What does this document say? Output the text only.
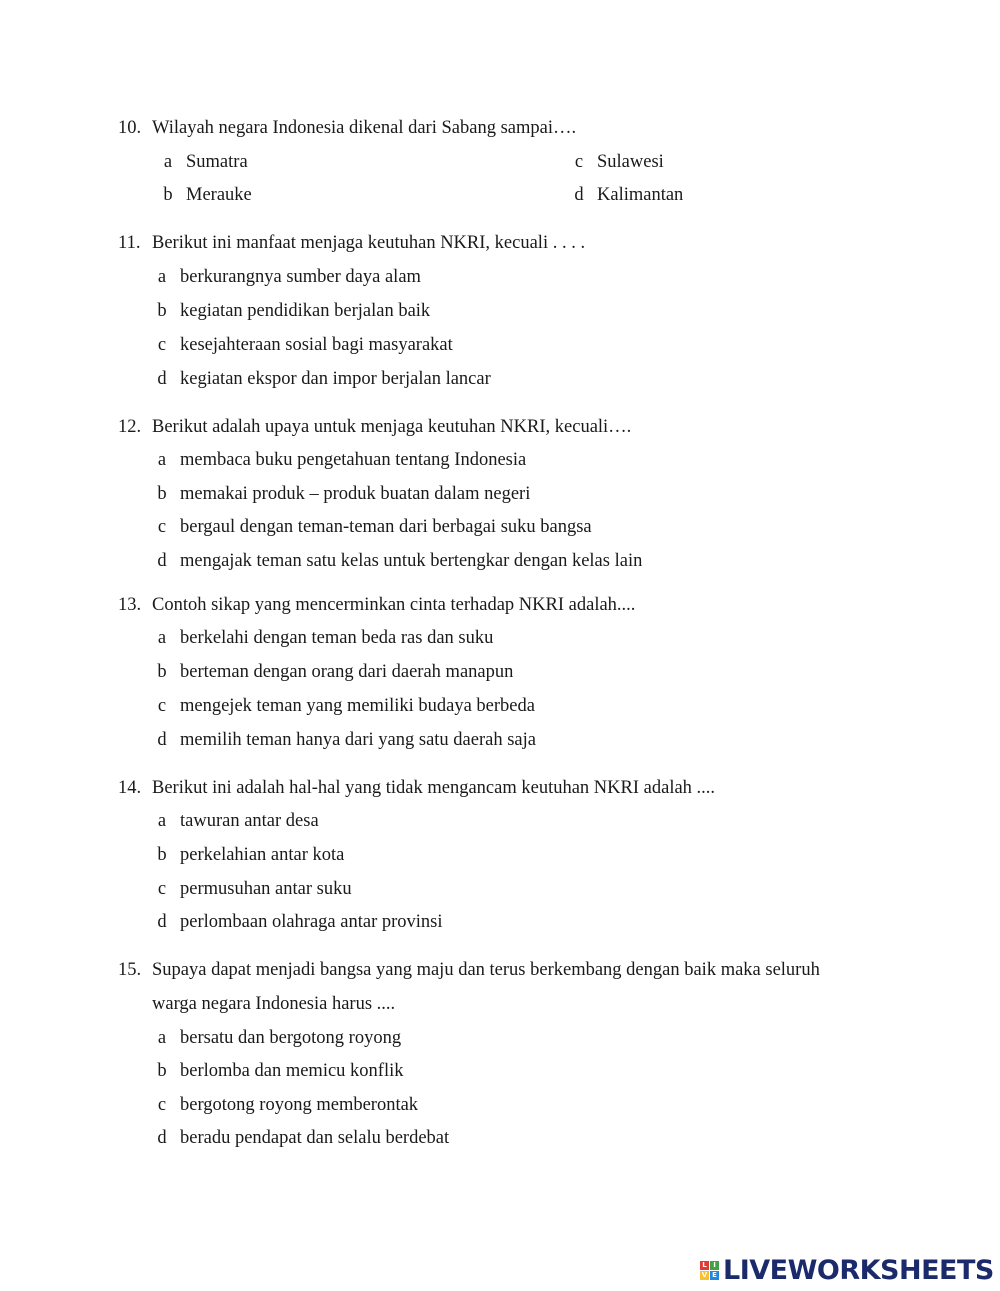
10. Wilayah negara Indonesia dikenal dari Sabang sampai….
a Sumatra
b Merauke
c Sulawesi
d Kalimantan
11. Berikut ini manfaat menjaga keutuhan NKRI, kecuali . . . .
a berkurangnya sumber daya alam
b kegiatan pendidikan berjalan baik
c kesejahteraan sosial bagi masyarakat
d kegiatan ekspor dan impor berjalan lancar
12. Berikut adalah upaya untuk menjaga keutuhan NKRI, kecuali….
a membaca buku pengetahuan tentang Indonesia
b memakai produk – produk buatan dalam negeri
c bergaul dengan teman-teman dari berbagai suku bangsa
d mengajak teman satu kelas untuk bertengkar dengan kelas lain
13. Contoh sikap yang mencerminkan cinta terhadap NKRI adalah....
a berkelahi dengan teman beda ras dan suku
b berteman dengan orang dari daerah manapun
c mengejek teman yang memiliki budaya berbeda
d memilih teman hanya dari yang satu daerah saja
14. Berikut ini adalah hal-hal yang tidak mengancam keutuhan NKRI adalah ....
a tawuran antar desa
b perkelahian antar kota
c permusuhan antar suku
d perlombaan olahraga antar provinsi
15. Supaya dapat menjadi bangsa yang maju dan terus berkembang dengan baik maka seluruh
warga negara Indonesia harus ....
a bersatu dan bergotong royong
b berlomba dan memicu konflik
c bergotong royong memberontak
d beradu pendapat dan selalu berdebat
L I
V E LIVEWORKSHEETS
